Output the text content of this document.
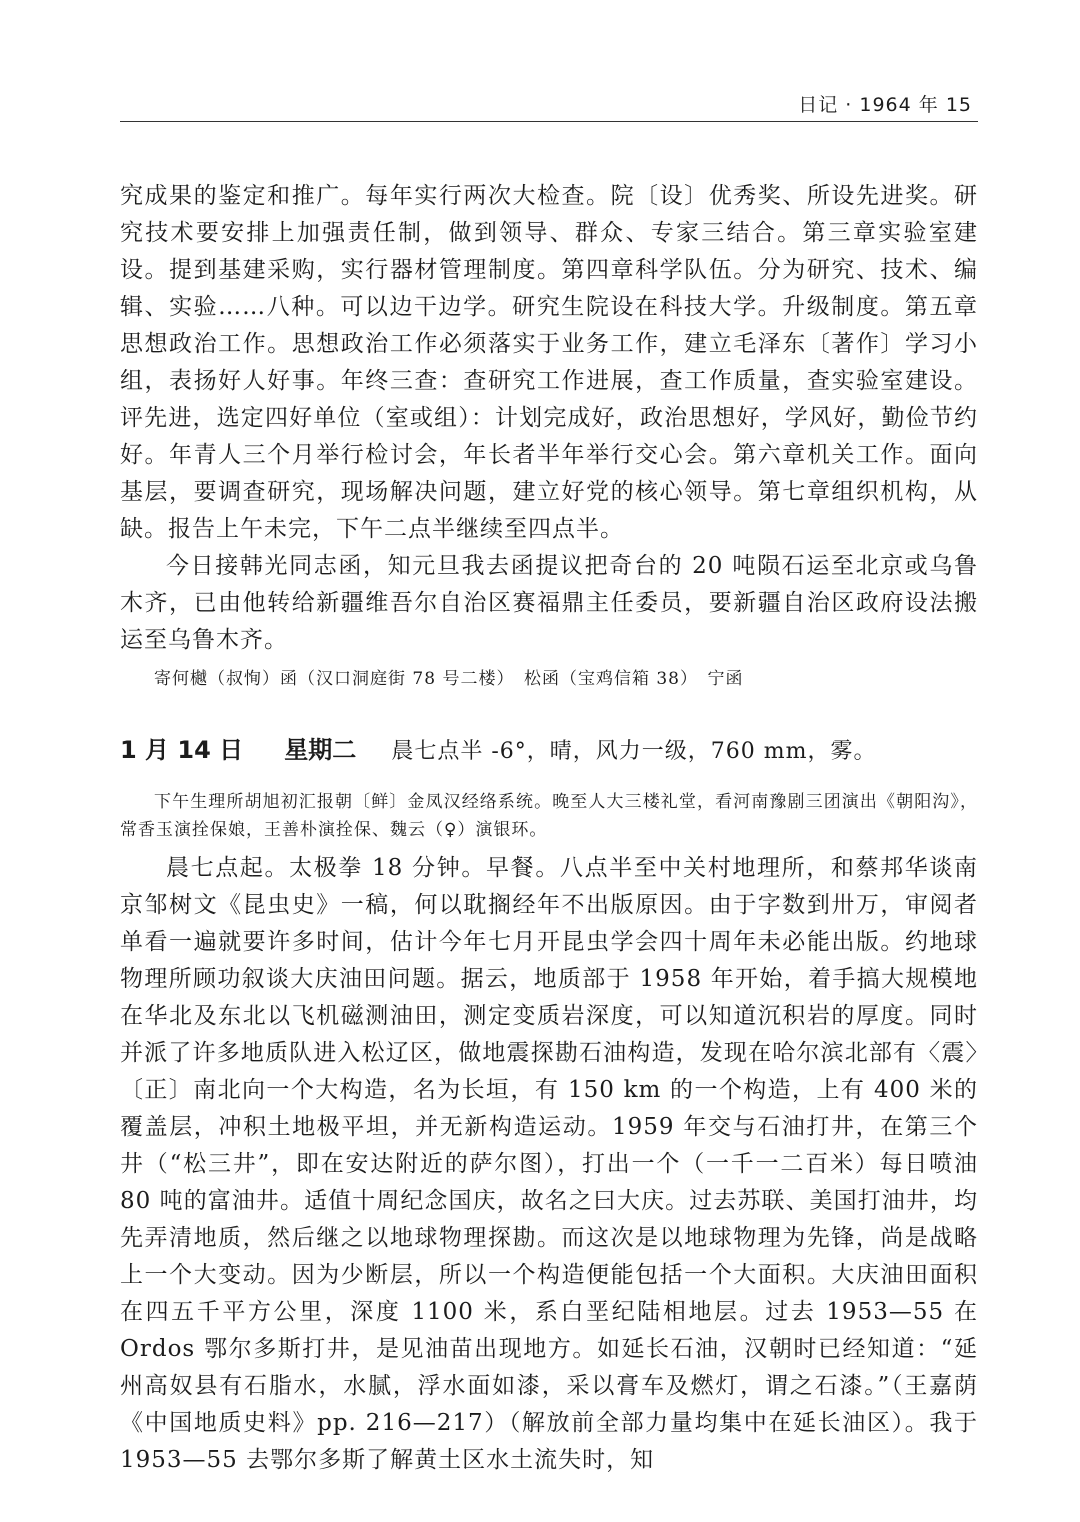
日记 · 1964 年 15

究成果的鉴定和推广。每年实行两次大检查。院〔设〕优秀奖、所设先进奖。研究技术要安排上加强责任制，做到领导、群众、专家三结合。第三章实验室建设。提到基建采购，实行器材管理制度。第四章科学队伍。分为研究、技术、编辑、实验……八种。可以边干边学。研究生院设在科技大学。升级制度。第五章思想政治工作。思想政治工作必须落实于业务工作，建立毛泽东〔著作〕学习小组，表扬好人好事。年终三查：查研究工作进展，查工作质量，查实验室建设。评先进，选定四好单位（室或组）：计划完成好，政治思想好，学风好，勤俭节约好。年青人三个月举行检讨会，年长者半年举行交心会。第六章机关工作。面向基层，要调查研究，现场解决问题，建立好党的核心领导。第七章组织机构，从缺。报告上午未完，下午二点半继续至四点半。

今日接韩光同志函，知元旦我去函提议把奇台的 20 吨陨石运至北京或乌鲁木齐，已由他转给新疆维吾尔自治区赛福鼎主任委员，要新疆自治区政府设法搬运至乌鲁木齐。

寄何樾（叔恂）函（汉口洞庭街 78 号二楼）　松函（宝鸡信箱 38）　宁函

1 月 14 日 星期二 晨七点半 -6°，晴，风力一级，760 mm，雾。

下午生理所胡旭初汇报朝〔鲜〕金凤汉经络系统。晚至人大三楼礼堂，看河南豫剧三团演出《朝阳沟》，常香玉演拴保娘，王善朴演拴保、魏云（♀）演银环。

晨七点起。太极拳 18 分钟。早餐。八点半至中关村地理所，和蔡邦华谈南京邹树文《昆虫史》一稿，何以耽搁经年不出版原因。由于字数到卅万，审阅者单看一遍就要许多时间，估计今年七月开昆虫学会四十周年未必能出版。约地球物理所顾功叙谈大庆油田问题。据云，地质部于 1958 年开始，着手搞大规模地在华北及东北以飞机磁测油田，测定变质岩深度，可以知道沉积岩的厚度。同时并派了许多地质队进入松辽区，做地震探勘石油构造，发现在哈尔滨北部有〈震〉〔正〕南北向一个大构造，名为长垣，有 150 km 的一个构造，上有 400 米的覆盖层，冲积土地极平坦，并无新构造运动。1959 年交与石油打井，在第三个井（“松三井”，即在安达附近的萨尔图），打出一个（一千一二百米）每日喷油 80 吨的富油井。适值十周纪念国庆，故名之曰大庆。过去苏联、美国打油井，均先弄清地质，然后继之以地球物理探勘。而这次是以地球物理为先锋，尚是战略上一个大变动。因为少断层，所以一个构造便能包括一个大面积。大庆油田面积在四五千平方公里，深度 1100 米，系白垩纪陆相地层。过去 1953—55 在 Ordos 鄂尔多斯打井，是见油苗出现地方。如延长石油，汉朝时已经知道：“延州高奴县有石脂水，水腻，浮水面如漆，采以膏车及燃灯，谓之石漆。”（王嘉荫《中国地质史料》pp. 216—217）（解放前全部力量均集中在延长油区）。我于 1953—55 去鄂尔多斯了解黄土区水土流失时，知
